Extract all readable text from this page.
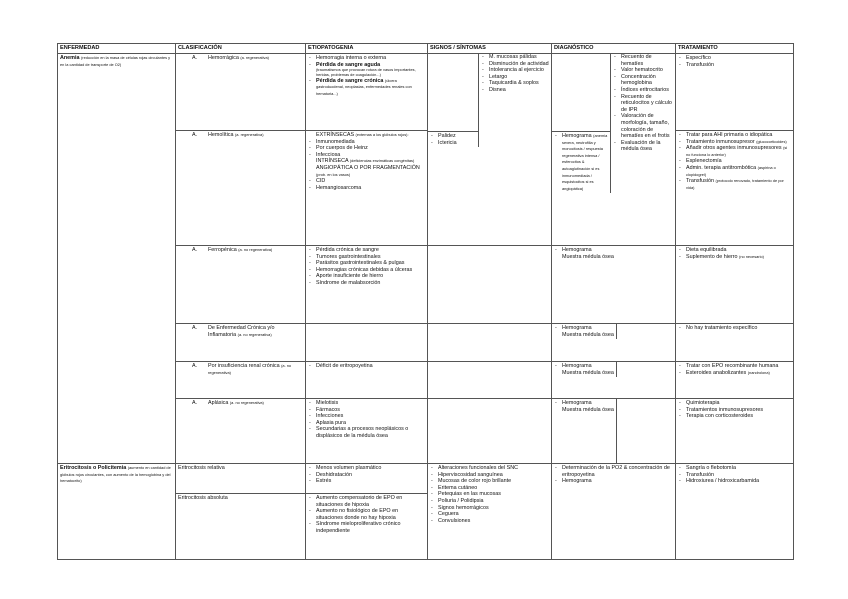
ENFERMEDAD	CLASIFICACIÓN	ETIOPATOGENIA	SIGNOS / SÍNTOMAS	DIAGNÓSTICO	TRATAMIENTO
Anemia (reducción en la masa de células rojas circulantes y en la cantidad de transporte de O2)	
A.	Hemorrágica (a. regenerativa)

-Hemorragia interna o externa
- Pérdida de sangre aguda
(traumatismos que provocan rotura de vasos importantes, heridas, problemas de coagulación...)
- Pérdida de sangre crónica (úlcera gastroduodenal, neoplasias, enfermedades renales con hematuria...)

- M. mucosas pálidas
- Disminución de actividad
- Intolerancia al ejercicio
- Letargo
- Taquicardia & soplos
- Disnea

- Palidez
- Ictericia

- Recuento de hematíes
- Valor hematocrito
- Concentración hemoglobina
- Índices eritrocitarios
- Recuento de reticulocitos y cálculo de IPR
- Valoración de morfología, tamaño, coloración de hematíes en el frotis
- Evaluación de la médula ósea

- Hemograma (anemia severa, neutrofilia y monocitosis / respuesta regenerativa intensa / esferocitos & autoaglutinación si es inmunomediada / esquistocitos si es angiopática)

- Específico
- Transfusión

A.	Hemolítica (a. regenerativa)	EXTRÍNSECAS (externas a los glóbulos rojos):
- Inmunomediada
- Por cuerpos de Heinz
- Infecciosa
INTRÍNSECA (deficiencias enzimáticas congénitas)
ANGIOPÁTICA O POR FRAGMENTACIÓN (prob. en los vasos)
- CID
- Hemangiosarcoma

- Tratar para AHI primaria o idiopática
- Tratamiento inmunosupresor (glucocorticoides)
- Añadir otros agentes inmunosupresores (si no funciona lo anterior)
- Esplenectomía
- Admin. terapia antitrombótica (aspirina o clopidogrel)
- Transfusión (protocolo renovado, tratamiento de por vida)

A.	Ferropénica (a. no regenerativa)

-Pérdida crónica de sangre
- Tumores gastrointestinales
- Parásitos gastrointestinales & pulgas
- Hemorragias crónicas debidas a úlceras
- Aporte insuficiente de hierro
- Síndrome de malabsorción

- Hemograma
Muestra médula ósea

- Dieta equilibrada
- Suplemento de hierro (no necesario)

A.	De Enfermedad Crónica y/o Inflamatoria (a. no regenerativa)

- Hemograma
Muestra médula ósea

- No hay tratamiento específico

A.	Por insuficiencia renal crónica (a. no regenerativa)

- Déficit de eritropoyetina

-	Hemograma
Muestra médula ósea

- Tratar con EPO recombinante humana
- Esteroides anabolizantes (nandrolona)

A.	Aplásica (a. no regenerativa)

-Mielotisis
- Fármacos
- Infecciones
- Aplasia pura
- Secundarias a procesos neoplásicos o displásicos de la médula ósea

- Hemograma
Muestra médula ósea

- Quimioterapia
- Tratamientos inmunosupresores
- Terapia con corticosteroides

Eritrocitosis o Policitemia (aumento en cantidad de glóbulos rojos circulantes, con aumento de la hemoglobina y del hematocrito)	Eritrocitosis relativa	
-Menos volumen plasmático
- Deshidratación
- Estrés

- Alteraciones funcionales del SNC
- Hiperviscosidad sanguínea
- Mucosas de color rojo brillante
- Eritema cutáneo
- Petequias en las mucosas
- Poliuria / Polidipsia
- Signos hemorrágicos
- Ceguera
- Convulsiones

- Determinación de la PO2 & concentración de eritropoyetina
- Hemograma

- Sangría o flebotomía
- Transfusión
- Hidroxiurea / hidroxicarbamida

Eritrocitosis absoluta	
-Aumento compensatorio de EPO en situaciones de hipoxia
- Aumento no fisiológico de EPO en situaciones donde no hay hipoxia
- Síndrome mieloproliferativo crónico independiente
